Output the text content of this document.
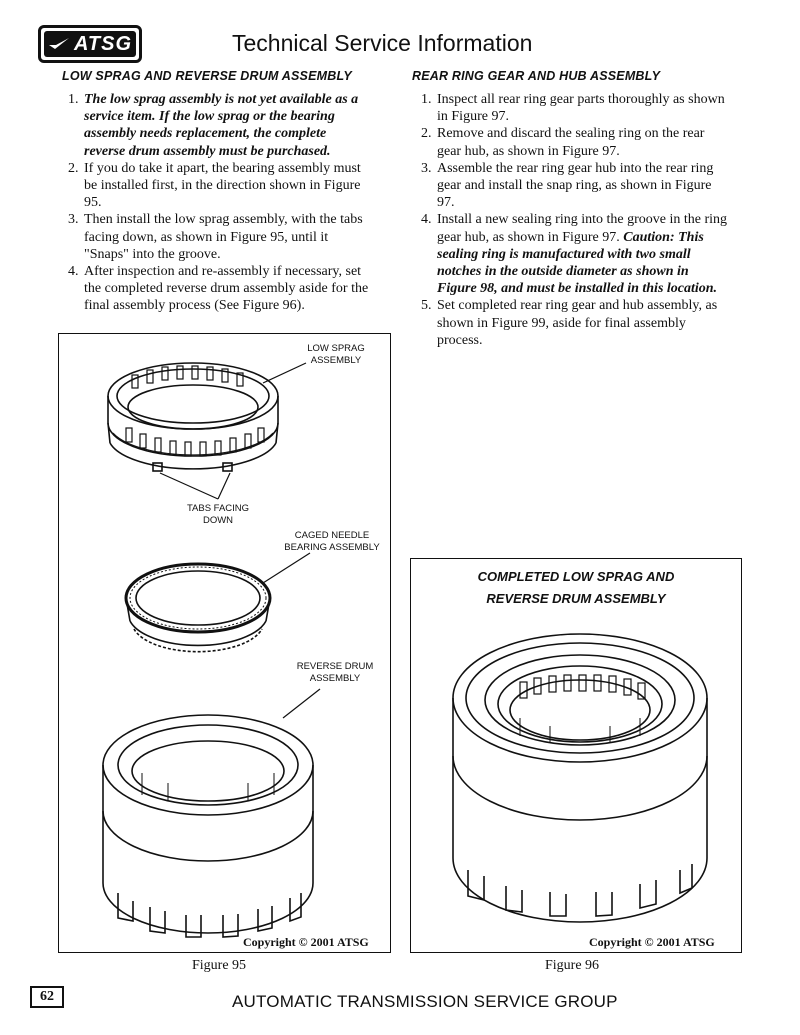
ATSG	Technical Service Information
LOW SPRAG AND REVERSE DRUM ASSEMBLY
1. The low sprag assembly is not yet available as a service item. If the low sprag or the bearing assembly needs replacement, the complete reverse drum assembly must be purchased.
2. If you do take it apart, the bearing assembly must be installed first, in the direction shown in Figure 95.
3. Then install the low sprag assembly, with the tabs facing down, as shown in Figure 95, until it "Snaps" into the groove.
4. After inspection and re-assembly if necessary, set the completed reverse drum assembly aside for the final assembly process (See Figure 96).
REAR RING GEAR AND HUB ASSEMBLY
1. Inspect all rear ring gear parts thoroughly as shown in Figure 97.
2. Remove and discard the sealing ring on the rear gear hub, as shown in Figure 97.
3. Assemble the rear ring gear hub into the rear ring gear and install the snap ring, as shown in Figure 97.
4. Install a new sealing ring into the groove in the ring gear hub, as shown in Figure 97. Caution: This sealing ring is manufactured with two small notches in the outside diameter as shown in Figure 98, and must be installed in this location.
5. Set completed rear ring gear and hub assembly, as shown in Figure 99, aside for final assembly process.
LOW SPRAG
ASSEMBLY
TABS FACING
DOWN
CAGED NEEDLE
BEARING ASSEMBLY
REVERSE DRUM
ASSEMBLY
Copyright © 2001 ATSG
Figure 95
COMPLETED LOW SPRAG AND
REVERSE DRUM ASSEMBLY
Copyright © 2001 ATSG
Figure 96
62	AUTOMATIC TRANSMISSION SERVICE GROUP
